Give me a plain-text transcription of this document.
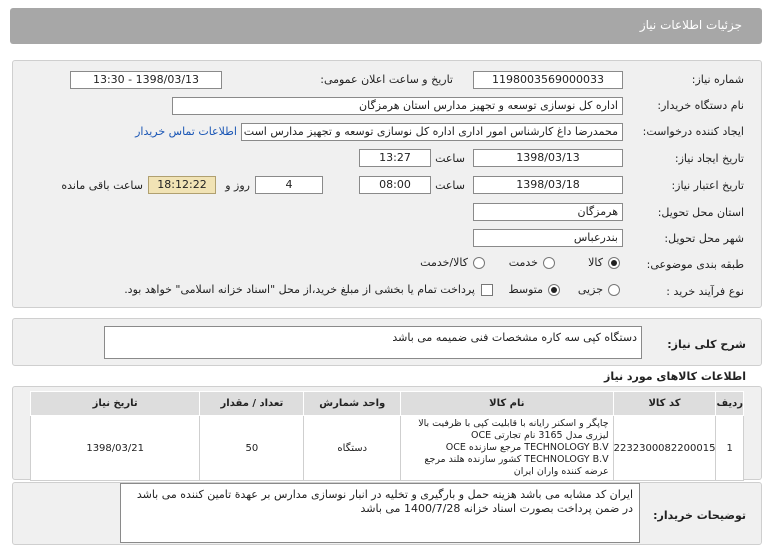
جزئیات اطلاعات نیاز
شماره نیاز:
1198003569000033
تاریخ و ساعت اعلان عمومی:
1398/03/13 - 13:30
نام دستگاه خریدار:
اداره کل نوسازی توسعه و تجهیز مدارس استان هرمزگان
ایجاد کننده درخواست:
محمدرضا داغ کارشناس امور اداری اداره کل نوسازی توسعه و تجهیز مدارس است
اطلاعات تماس خریدار
تاریخ ایجاد نیاز:
1398/03/13
ساعت
13:27
تاریخ اعتبار نیاز:
1398/03/18
ساعت
08:00
4
روز و
18:12:22
ساعت باقی مانده
استان محل تحویل:
هرمزگان
شهر محل تحویل:
بندرعباس
طبقه بندی موضوعی:
کالا
خدمت
کالا/خدمت
نوع فرآیند خرید :
جزیی
متوسط
پرداخت تمام یا بخشی از مبلغ خرید،از محل "اسناد خزانه اسلامی" خواهد بود.
شرح کلی نیاز:
دستگاه کپی سه کاره مشخصات فنی ضمیمه می باشد
اطلاعات کالاهای مورد نیاز
ردیف	کد کالا	نام کالا	واحد شمارش	تعداد / مقدار	تاریخ نیاز
1	2232300082200015	چاپگر و اسکنر رایانه با قابلیت کپی با ظرفیت بالا لیزری مدل 3165 نام تجارتی OCE TECHNOLOGY B.V مرجع سازنده OCE TECHNOLOGY B.V کشور سازنده هلند مرجع عرضه کننده واران ایران	دستگاه	50	1398/03/21
توضیحات خریدار:
ایران کد مشابه می باشد هزینه حمل و بارگیری و تخلیه در انبار نوسازی مدارس بر عهدة تامین کننده می باشد در ضمن پرداخت بصورت اسناد خزانه 1400/7/28 می باشد
